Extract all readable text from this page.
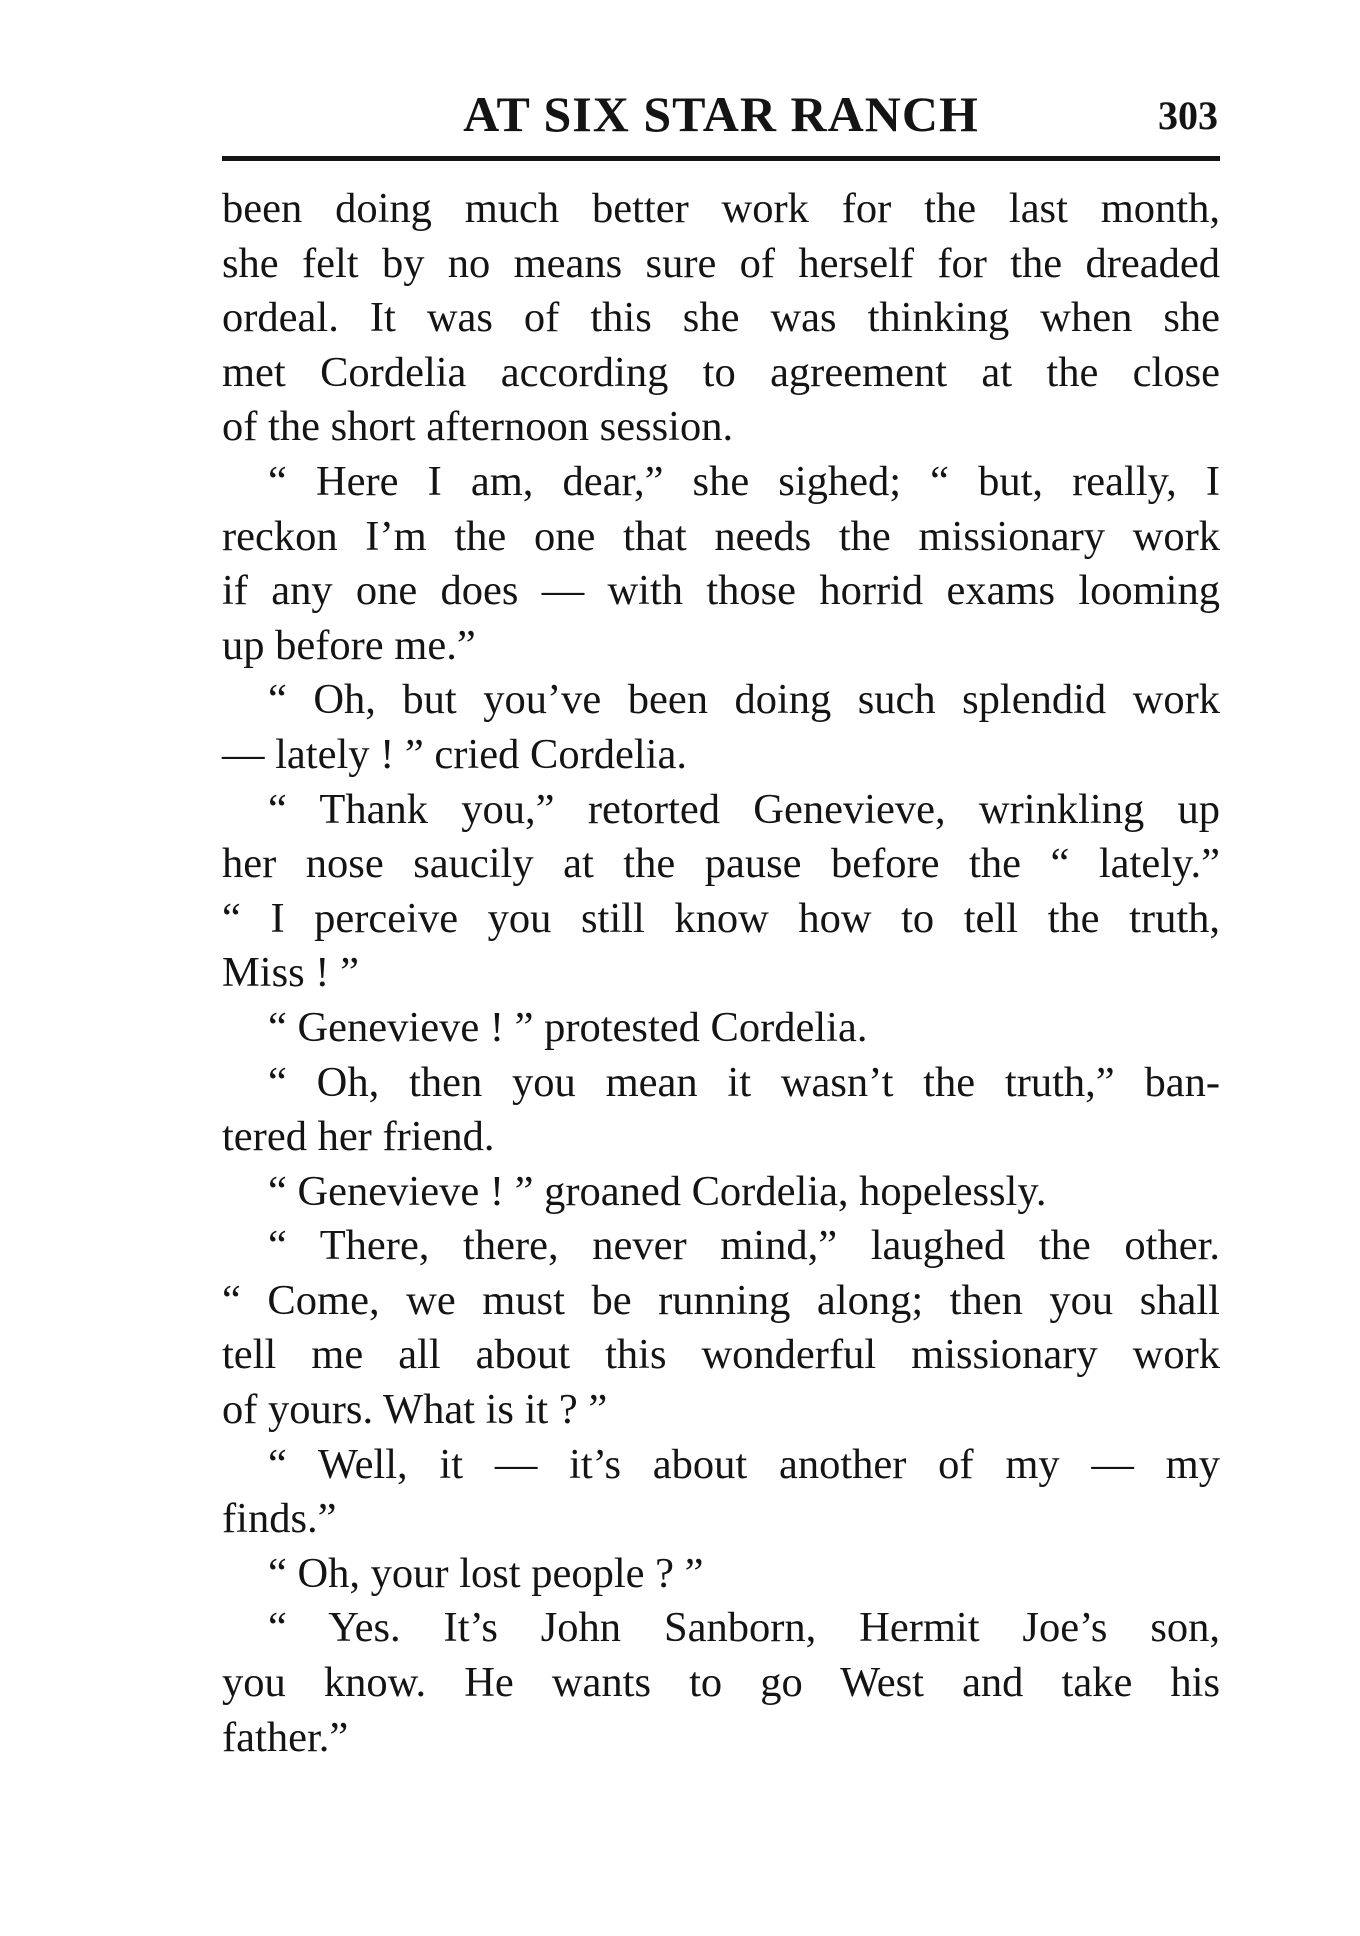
AT SIX STAR RANCH	303
been doing much better work for the last month,
she felt by no means sure of herself for the dreaded
ordeal. It was of this she was thinking when she
met Cordelia according to agreement at the close
of the short afternoon session.
“ Here I am, dear,” she sighed; “ but, really, I
reckon I’m the one that needs the missionary work
if any one does — with those horrid exams looming
up before me.”
“ Oh, but you’ve been doing such splendid work
— lately ! ” cried Cordelia.
“ Thank you,” retorted Genevieve, wrinkling up
her nose saucily at the pause before the “ lately.”
“ I perceive you still know how to tell the truth,
Miss ! ”
“ Genevieve ! ” protested Cordelia.
“ Oh, then you mean it wasn’t the truth,” ban-
tered her friend.
“ Genevieve ! ” groaned Cordelia, hopelessly.
“ There, there, never mind,” laughed the other.
“ Come, we must be running along; then you shall
tell me all about this wonderful missionary work
of yours. What is it ? ”
“ Well, it — it’s about another of my — my
finds.”
“ Oh, your lost people ? ”
“ Yes. It’s John Sanborn, Hermit Joe’s son,
you know. He wants to go West and take his
father.”
